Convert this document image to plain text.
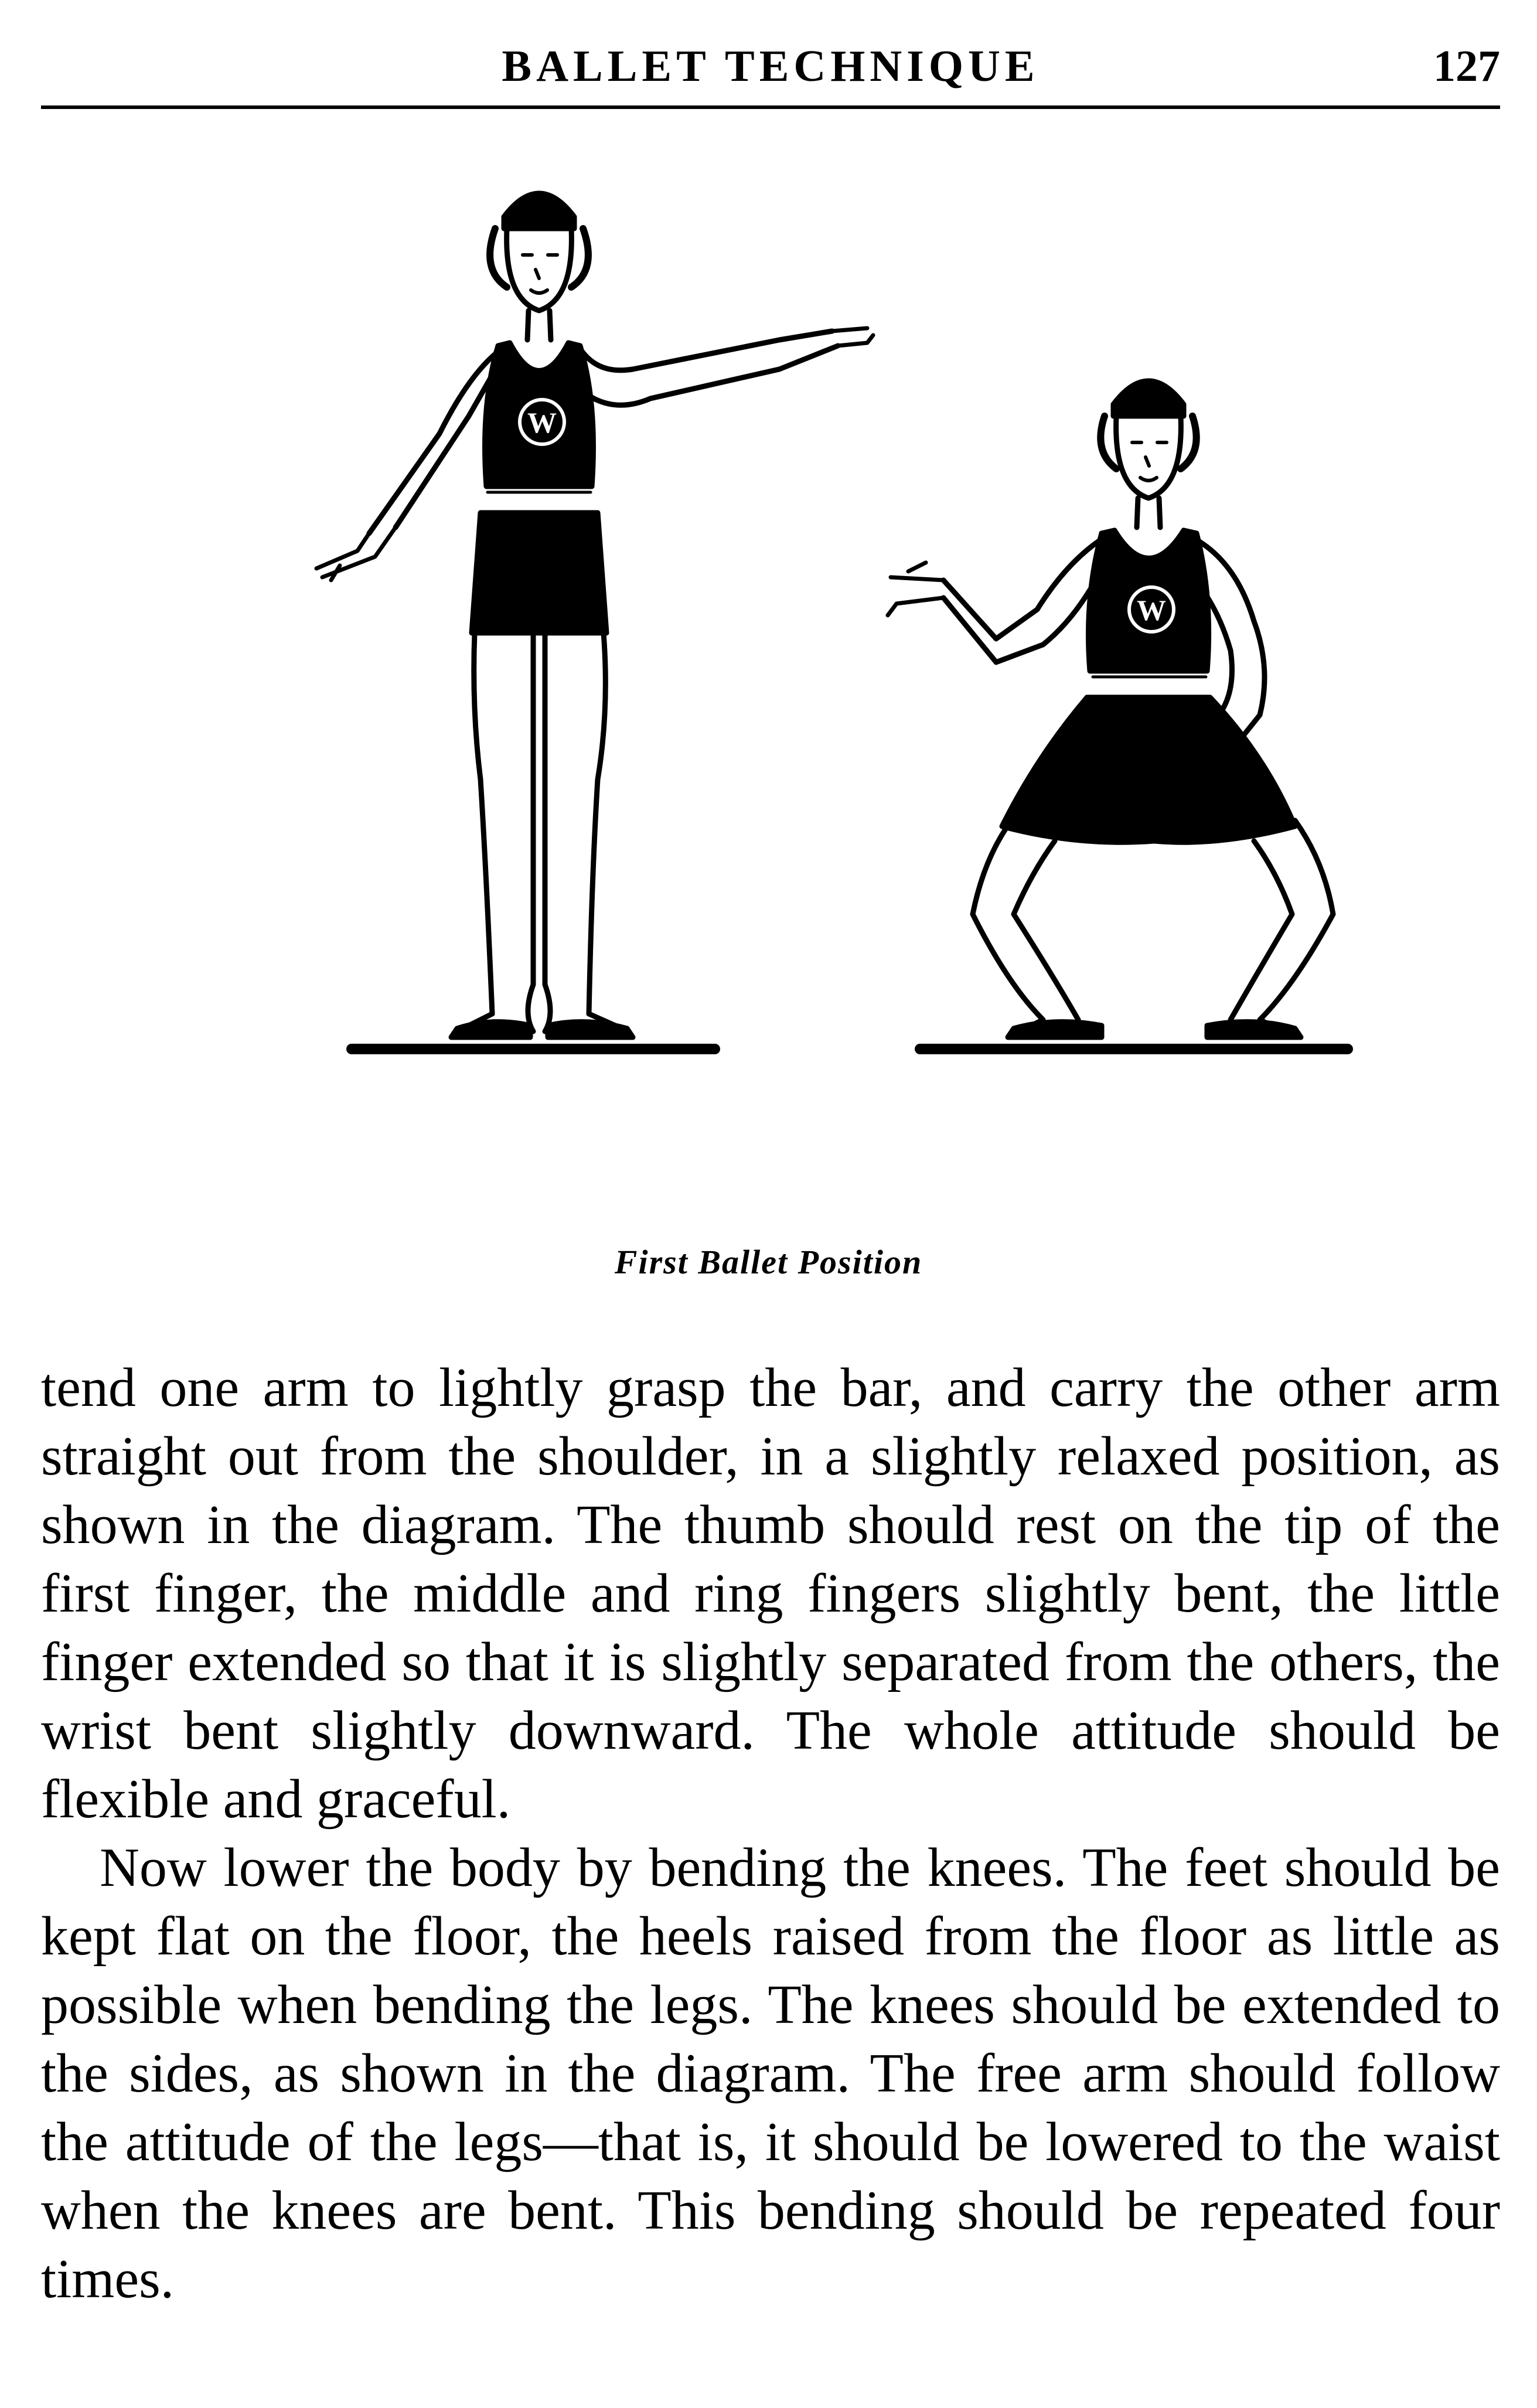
BALLET TECHNIQUE	127
W
W
First Ballet Position

tend one arm to lightly grasp the bar, and carry the other arm straight out from the shoulder, in a slightly relaxed position, as shown in the diagram. The thumb should rest on the tip of the first finger, the middle and ring fingers slightly bent, the little finger extended so that it is slightly separated from the others, the wrist bent slightly downward. The whole attitude should be flexible and graceful.

Now lower the body by bending the knees. The feet should be kept flat on the floor, the heels raised from the floor as little as possible when bending the legs. The knees should be extended to the sides, as shown in the diagram. The free arm should follow the attitude of the legs—that is, it should be lowered to the waist when the knees are bent. This bending should be repeated four times.
